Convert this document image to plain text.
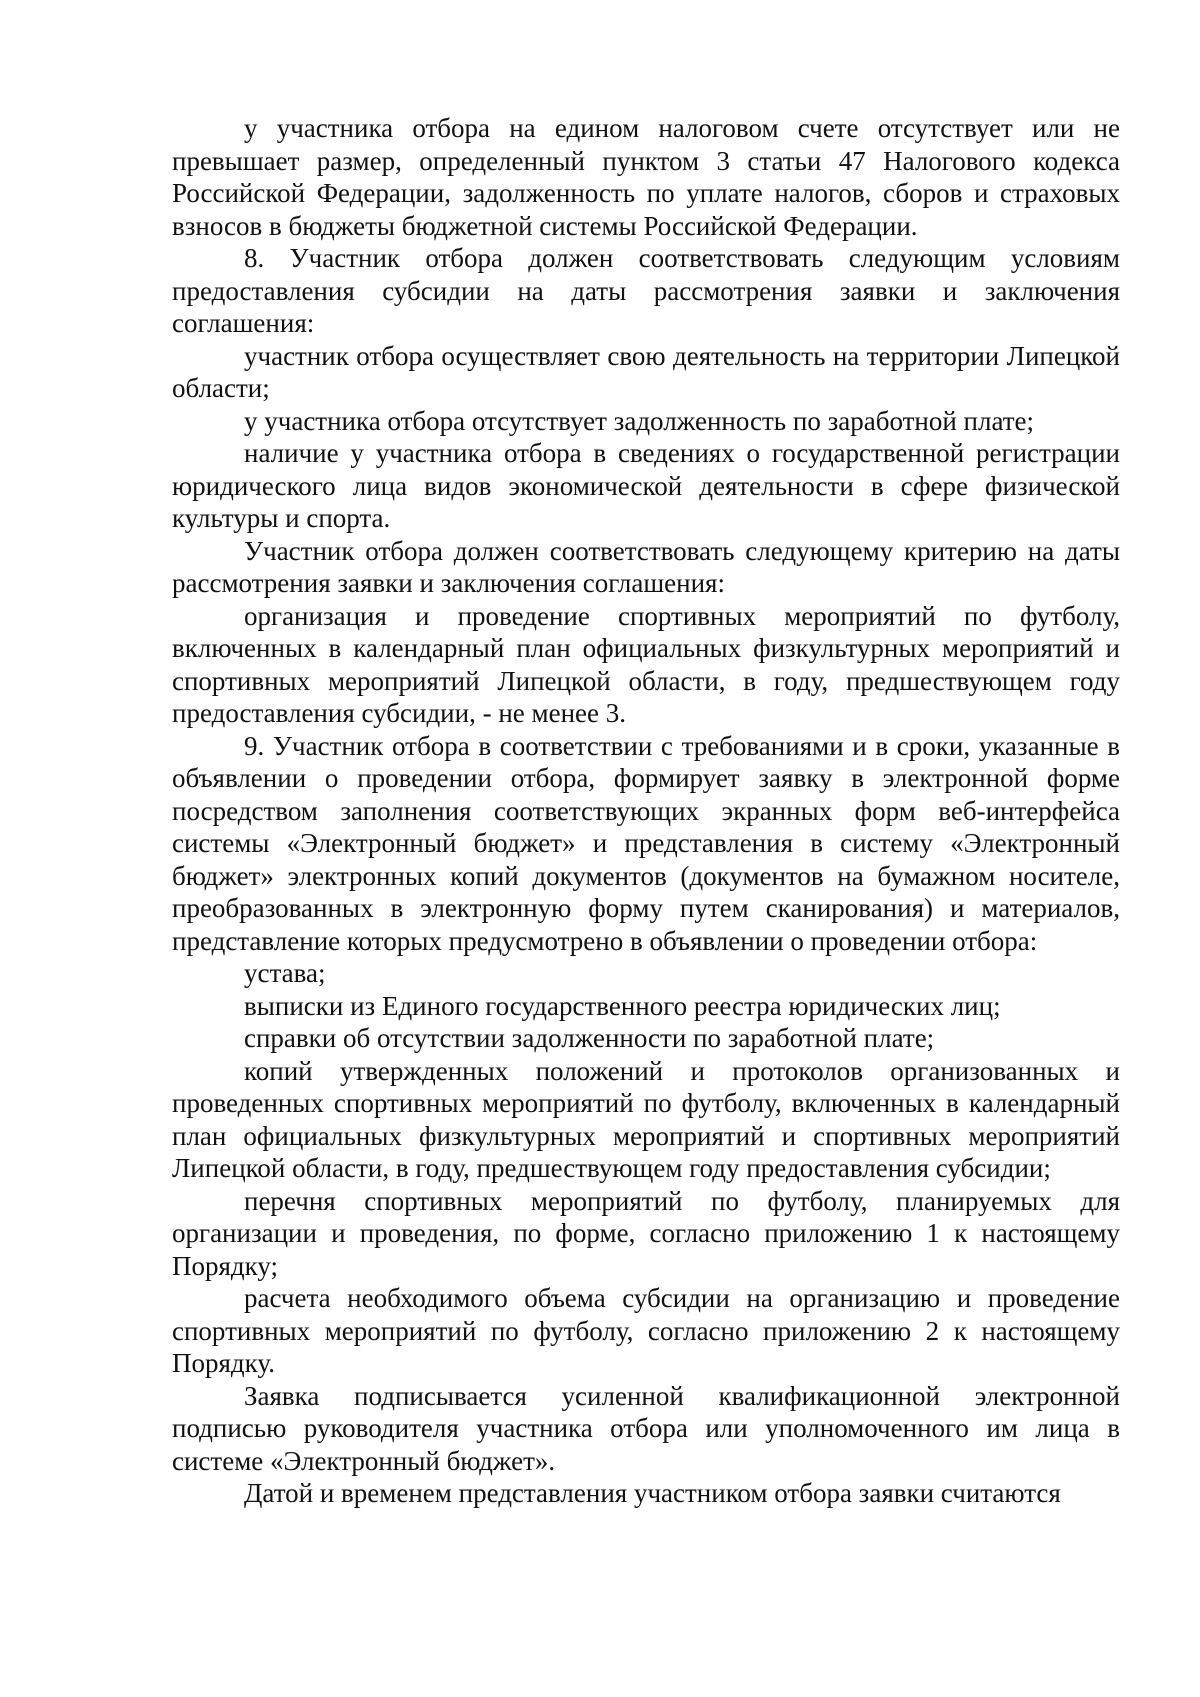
у участника отбора на едином налоговом счете отсутствует или не превышает размер, определенный пунктом 3 статьи 47 Налогового кодекса Российской Федерации, задолженность по уплате налогов, сборов и страховых взносов в бюджеты бюджетной системы Российской Федерации.

8. Участник отбора должен соответствовать следующим условиям предоставления субсидии на даты рассмотрения заявки и заключения соглашения:

участник отбора осуществляет свою деятельность на территории Липецкой области;

у участника отбора отсутствует задолженность по заработной плате;

наличие у участника отбора в сведениях о государственной регистрации юридического лица видов экономической деятельности в сфере физической культуры и спорта.

Участник отбора должен соответствовать следующему критерию на даты рассмотрения заявки и заключения соглашения:

организация и проведение спортивных мероприятий по футболу, включенных в календарный план официальных физкультурных мероприятий и спортивных мероприятий Липецкой области, в году, предшествующем году предоставления субсидии, - не менее 3.

9. Участник отбора в соответствии с требованиями и в сроки, указанные в объявлении о проведении отбора, формирует заявку в электронной форме посредством заполнения соответствующих экранных форм веб-интерфейса системы «Электронный бюджет» и представления в систему «Электронный бюджет» электронных копий документов (документов на бумажном носителе, преобразованных в электронную форму путем сканирования) и материалов, представление которых предусмотрено в объявлении о проведении отбора:

устава;

выписки из Единого государственного реестра юридических лиц;

справки об отсутствии задолженности по заработной плате;

копий утвержденных положений и протоколов организованных и проведенных спортивных мероприятий по футболу, включенных в календарный план официальных физкультурных мероприятий и спортивных мероприятий Липецкой области, в году, предшествующем году предоставления субсидии;

перечня спортивных мероприятий по футболу, планируемых для организации и проведения, по форме, согласно приложению 1 к настоящему Порядку;

расчета необходимого объема субсидии на организацию и проведение спортивных мероприятий по футболу, согласно приложению 2 к настоящему Порядку.

Заявка подписывается усиленной квалификационной электронной подписью руководителя участника отбора или уполномоченного им лица в системе «Электронный бюджет».

Датой и временем представления участником отбора заявки считаются
